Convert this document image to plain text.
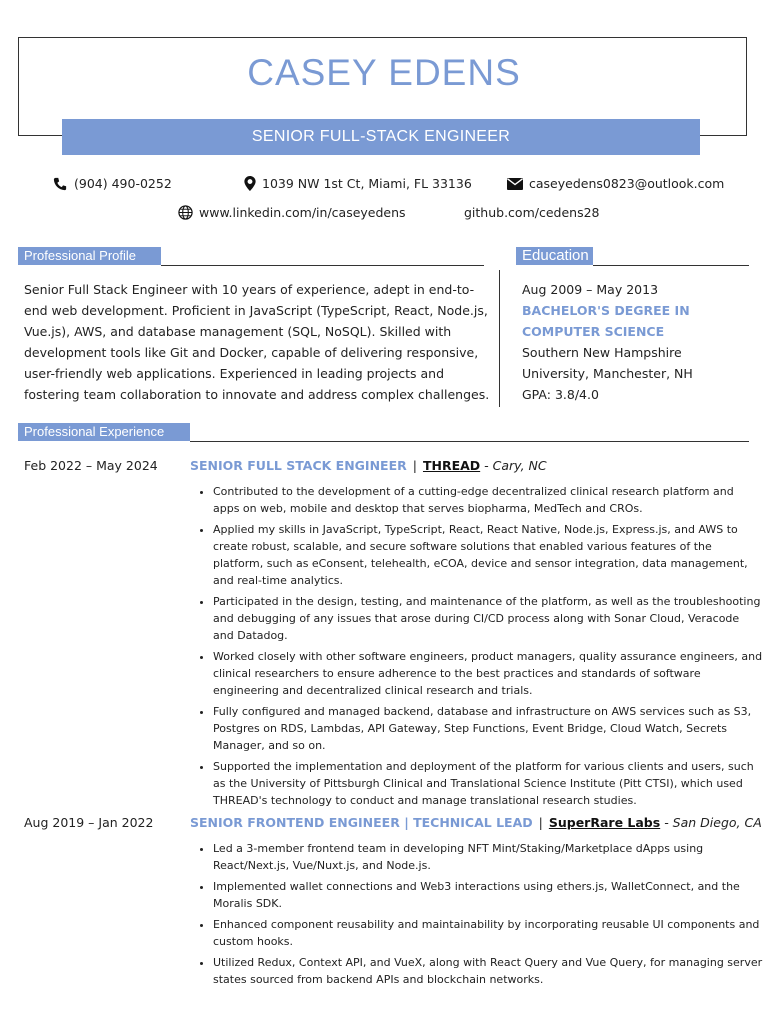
CASEY EDENS
SENIOR FULL-STACK ENGINEER
(904) 490-0252	1039 NW 1st Ct, Miami, FL 33136	caseyedens0823@outlook.com
www.linkedin.com/in/caseyedens	github.com/cedens28
Professional Profile
Senior Full Stack Engineer with 10 years of experience, adept in end-to-end web development. Proficient in JavaScript (TypeScript, React, Node.js, Vue.js), AWS, and database management (SQL, NoSQL). Skilled with development tools like Git and Docker, capable of delivering responsive, user-friendly web applications. Experienced in leading projects and fostering team collaboration to innovate and address complex challenges.
Education
Aug 2009 – May 2013
BACHELOR'S DEGREE IN COMPUTER SCIENCE
Southern New Hampshire University, Manchester, NH
GPA: 3.8/4.0
Professional Experience
Feb 2022 – May 2024	SENIOR FULL STACK ENGINEER | THREAD - Cary, NC
• Contributed to the development of a cutting-edge decentralized clinical research platform and apps on web, mobile and desktop that serves biopharma, MedTech and CROs.
• Applied my skills in JavaScript, TypeScript, React, React Native, Node.js, Express.js, and AWS to create robust, scalable, and secure software solutions that enabled various features of the platform, such as eConsent, telehealth, eCOA, device and sensor integration, data management, and real-time analytics.
• Participated in the design, testing, and maintenance of the platform, as well as the troubleshooting and debugging of any issues that arose during CI/CD process along with Sonar Cloud, Veracode and Datadog.
• Worked closely with other software engineers, product managers, quality assurance engineers, and clinical researchers to ensure adherence to the best practices and standards of software engineering and decentralized clinical research and trials.
• Fully configured and managed backend, database and infrastructure on AWS services such as S3, Postgres on RDS, Lambdas, API Gateway, Step Functions, Event Bridge, Cloud Watch, Secrets Manager, and so on.
• Supported the implementation and deployment of the platform for various clients and users, such as the University of Pittsburgh Clinical and Translational Science Institute (Pitt CTSI), which used THREAD's technology to conduct and manage translational research studies.
Aug 2019 – Jan 2022	SENIOR FRONTEND ENGINEER | TECHNICAL LEAD | SuperRare Labs - San Diego, CA
• Led a 3-member frontend team in developing NFT Mint/Staking/Marketplace dApps using React/Next.js, Vue/Nuxt.js, and Node.js.
• Implemented wallet connections and Web3 interactions using ethers.js, WalletConnect, and the Moralis SDK.
• Enhanced component reusability and maintainability by incorporating reusable UI components and custom hooks.
• Utilized Redux, Context API, and VueX, along with React Query and Vue Query, for managing server states sourced from backend APIs and blockchain networks.
